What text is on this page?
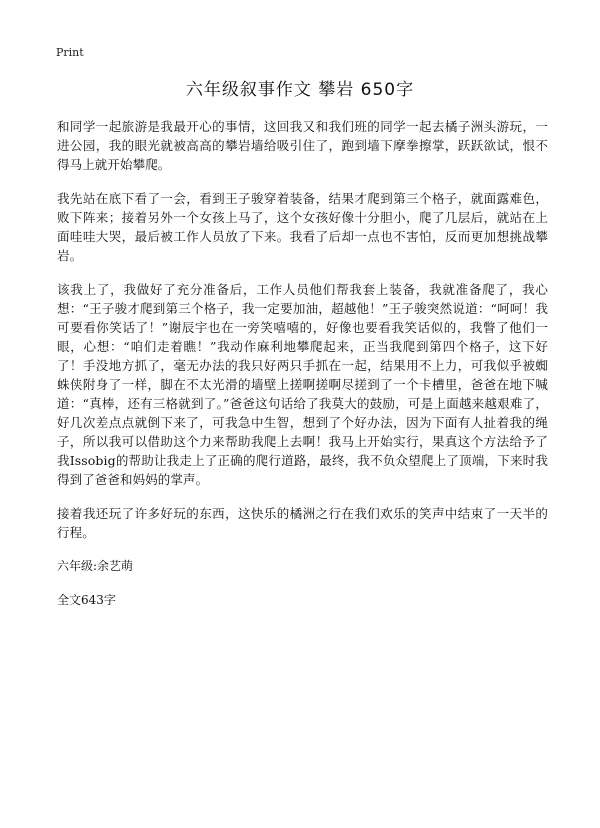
Print
六年级叙事作文 攀岩 650字

和同学一起旅游是我最开心的事情，这回我又和我们班的同学一起去橘子洲头游玩，一进公园，我的眼光就被高高的攀岩墙给吸引住了，跑到墙下摩拳擦掌，跃跃欲试，恨不得马上就开始攀爬。

我先站在底下看了一会，看到王子骏穿着装备，结果才爬到第三个格子，就面露难色，败下阵来；接着另外一个女孩上马了，这个女孩好像十分胆小，爬了几层后，就站在上面哇哇大哭，最后被工作人员放了下来。我看了后却一点也不害怕，反而更加想挑战攀岩。

该我上了，我做好了充分准备后，工作人员他们帮我套上装备，我就准备爬了，我心想：“王子骏才爬到第三个格子，我一定要加油，超越他！”王子骏突然说道：“呵呵！我可要看你笑话了！”谢辰宇也在一旁笑嘻嘻的，好像也要看我笑话似的，我瞥了他们一眼，心想：“咱们走着瞧！”我动作麻利地攀爬起来，正当我爬到第四个格子，这下好了！手没地方抓了，毫无办法的我只好两只手抓在一起，结果用不上力，可我似乎被蜘蛛侠附身了一样，脚在不太光滑的墙壁上搓啊搓啊尽搓到了一个卡槽里，爸爸在地下喊道：“真棒，还有三格就到了。”爸爸这句话给了我莫大的鼓励，可是上面越来越艰难了，好几次差点点就倒下来了，可我急中生智，想到了个好办法，因为下面有人扯着我的绳子，所以我可以借助这个力来帮助我爬上去啊！我马上开始实行，果真这个方法给予了我Issobig的帮助让我走上了正确的爬行道路，最终，我不负众望爬上了顶端，下来时我得到了爸爸和妈妈的掌声。

接着我还玩了许多好玩的东西，这快乐的橘洲之行在我们欢乐的笑声中结束了一天半的行程。

六年级:余艺萌

全文643字
